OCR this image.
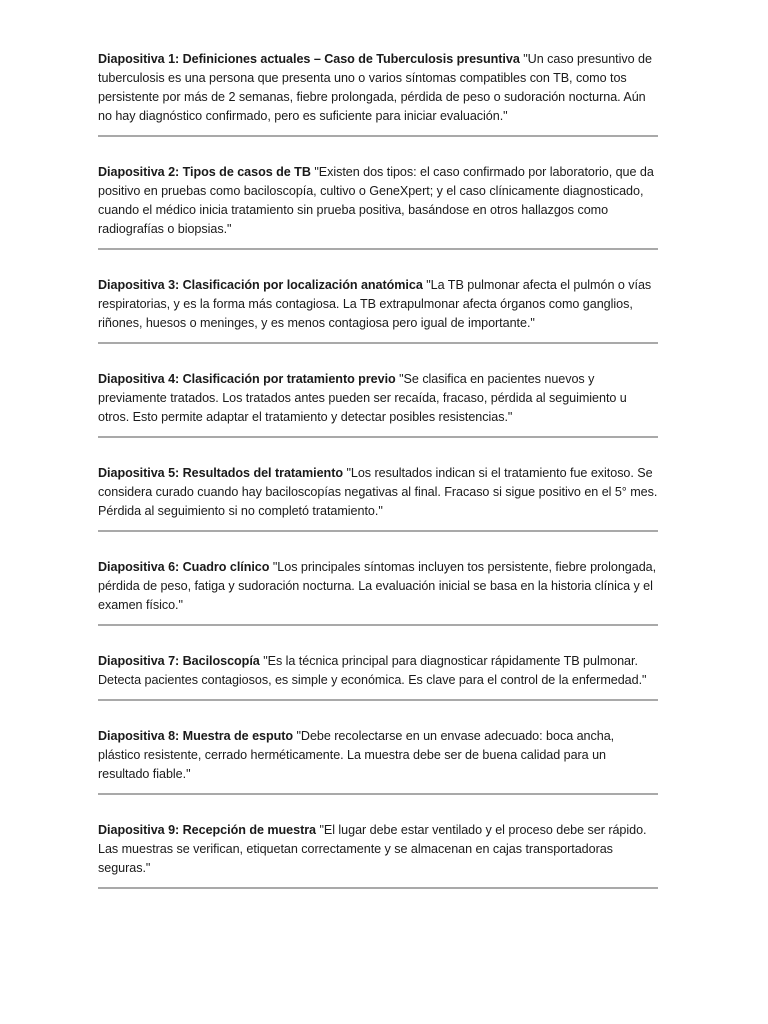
Diapositiva 1: Definiciones actuales – Caso de Tuberculosis presuntiva "Un caso presuntivo de tuberculosis es una persona que presenta uno o varios síntomas compatibles con TB, como tos persistente por más de 2 semanas, fiebre prolongada, pérdida de peso o sudoración nocturna. Aún no hay diagnóstico confirmado, pero es suficiente para iniciar evaluación."

Diapositiva 2: Tipos de casos de TB "Existen dos tipos: el caso confirmado por laboratorio, que da positivo en pruebas como baciloscopía, cultivo o GeneXpert; y el caso clínicamente diagnosticado, cuando el médico inicia tratamiento sin prueba positiva, basándose en otros hallazgos como radiografías o biopsias."

Diapositiva 3: Clasificación por localización anatómica "La TB pulmonar afecta el pulmón o vías respiratorias, y es la forma más contagiosa. La TB extrapulmonar afecta órganos como ganglios, riñones, huesos o meninges, y es menos contagiosa pero igual de importante."

Diapositiva 4: Clasificación por tratamiento previo "Se clasifica en pacientes nuevos y previamente tratados. Los tratados antes pueden ser recaída, fracaso, pérdida al seguimiento u otros. Esto permite adaptar el tratamiento y detectar posibles resistencias."

Diapositiva 5: Resultados del tratamiento "Los resultados indican si el tratamiento fue exitoso. Se considera curado cuando hay baciloscopías negativas al final. Fracaso si sigue positivo en el 5° mes. Pérdida al seguimiento si no completó tratamiento."

Diapositiva 6: Cuadro clínico "Los principales síntomas incluyen tos persistente, fiebre prolongada, pérdida de peso, fatiga y sudoración nocturna. La evaluación inicial se basa en la historia clínica y el examen físico."

Diapositiva 7: Baciloscopía "Es la técnica principal para diagnosticar rápidamente TB pulmonar. Detecta pacientes contagiosos, es simple y económica. Es clave para el control de la enfermedad."

Diapositiva 8: Muestra de esputo "Debe recolectarse en un envase adecuado: boca ancha, plástico resistente, cerrado herméticamente. La muestra debe ser de buena calidad para un resultado fiable."

Diapositiva 9: Recepción de muestra "El lugar debe estar ventilado y el proceso debe ser rápido. Las muestras se verifican, etiquetan correctamente y se almacenan en cajas transportadoras seguras."
